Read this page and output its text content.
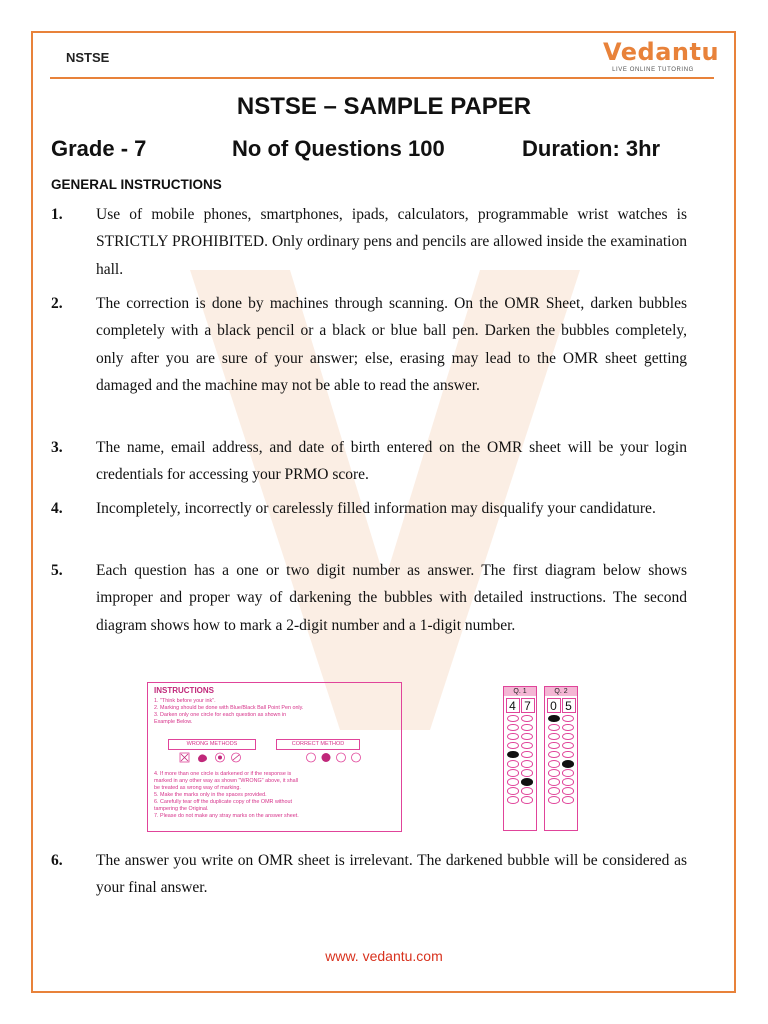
NSTSE	Vedantu
LIVE ONLINE TUTORING
NSTSE – SAMPLE PAPER
Grade - 7	No of Questions 100	Duration: 3hr
GENERAL INSTRUCTIONS
1. Use of mobile phones, smartphones, ipads, calculators, programmable wrist watches is STRICTLY PROHIBITED. Only ordinary pens and pencils are allowed inside the examination hall.
2. The correction is done by machines through scanning. On the OMR Sheet, darken bubbles completely with a black pencil or a black or blue ball pen. Darken the bubbles completely, only after you are sure of your answer; else, erasing may lead to the OMR sheet getting damaged and the machine may not be able to read the answer.
3. The name, email address, and date of birth entered on the OMR sheet will be your login credentials for accessing your PRMO score.
4. Incompletely, incorrectly or carelessly filled information may disqualify your candidature.
5. Each question has a one or two digit number as answer. The first diagram below shows improper and proper way of darkening the bubbles with detailed instructions. The second diagram shows how to mark a 2-digit number and a 1-digit number.
INSTRUCTIONS
1. "Think before your ink".
2. Marking should be done with Blue/Black Ball Point Pen only.
3. Darken only one circle for each question as shown in
Example Below.
WRONG METHODS	CORRECT METHOD
4. If more than one circle is darkened or if the response is
marked in any other way as shown "WRONG" above, it shall
be treated as wrong way of marking.
5. Make the marks only in the spaces provided.
6. Carefully tear off the duplicate copy of the OMR without
tampering the Original.
7. Please do not make any stray marks on the answer sheet.
Q. 1
4 7
Q. 2
0 5
6. The answer you write on OMR sheet is irrelevant. The darkened bubble will be considered as your final answer.
www. vedantu.com
